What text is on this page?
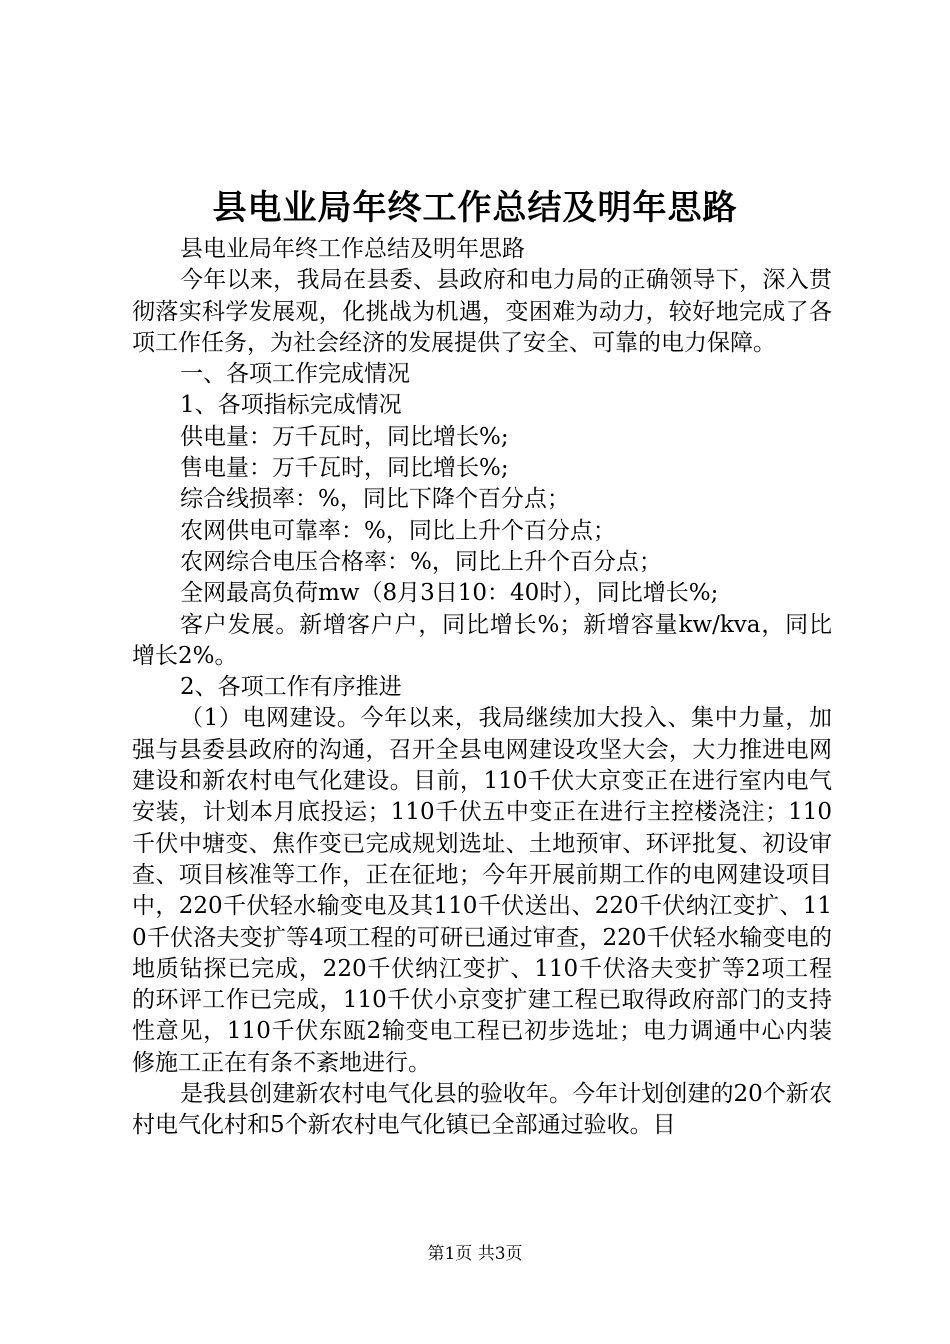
县电业局年终工作总结及明年思路

县电业局年终工作总结及明年思路

今年以来，我局在县委、县政府和电力局的正确领导下，深入贯彻落实科学发展观，化挑战为机遇，变困难为动力，较好地完成了各项工作任务，为社会经济的发展提供了安全、可靠的电力保障。

一、各项工作完成情况

1、各项指标完成情况

供电量：万千瓦时，同比增长%;

售电量：万千瓦时，同比增长%;

综合线损率：%，同比下降个百分点；

农网供电可靠率：%，同比上升个百分点；

农网综合电压合格率：%，同比上升个百分点；

全网最高负荷mw（8月3日10：40时），同比增长%;

客户发展。新增客户户，同比增长%；新增容量kw/kva，同比增长2%。

2、各项工作有序推进

（1）电网建设。今年以来，我局继续加大投入、集中力量，加强与县委县政府的沟通，召开全县电网建设攻坚大会，大力推进电网建设和新农村电气化建设。目前，110千伏大京变正在进行室内电气安装，计划本月底投运；110千伏五中变正在进行主控楼浇注；110千伏中塘变、焦作变已完成规划选址、土地预审、环评批复、初设审查、项目核准等工作，正在征地；今年开展前期工作的电网建设项目中，220千伏轻水输变电及其110千伏送出、220千伏纳江变扩、110千伏洛夫变扩等4项工程的可研已通过审查，220千伏轻水输变电的地质钻探已完成，220千伏纳江变扩、110千伏洛夫变扩等2项工程的环评工作已完成，110千伏小京变扩建工程已取得政府部门的支持性意见，110千伏东瓯2输变电工程已初步选址；电力调通中心内装修施工正在有条不紊地进行。

是我县创建新农村电气化县的验收年。今年计划创建的20个新农村电气化村和5个新农村电气化镇已全部通过验收。目

第1页 共3页
